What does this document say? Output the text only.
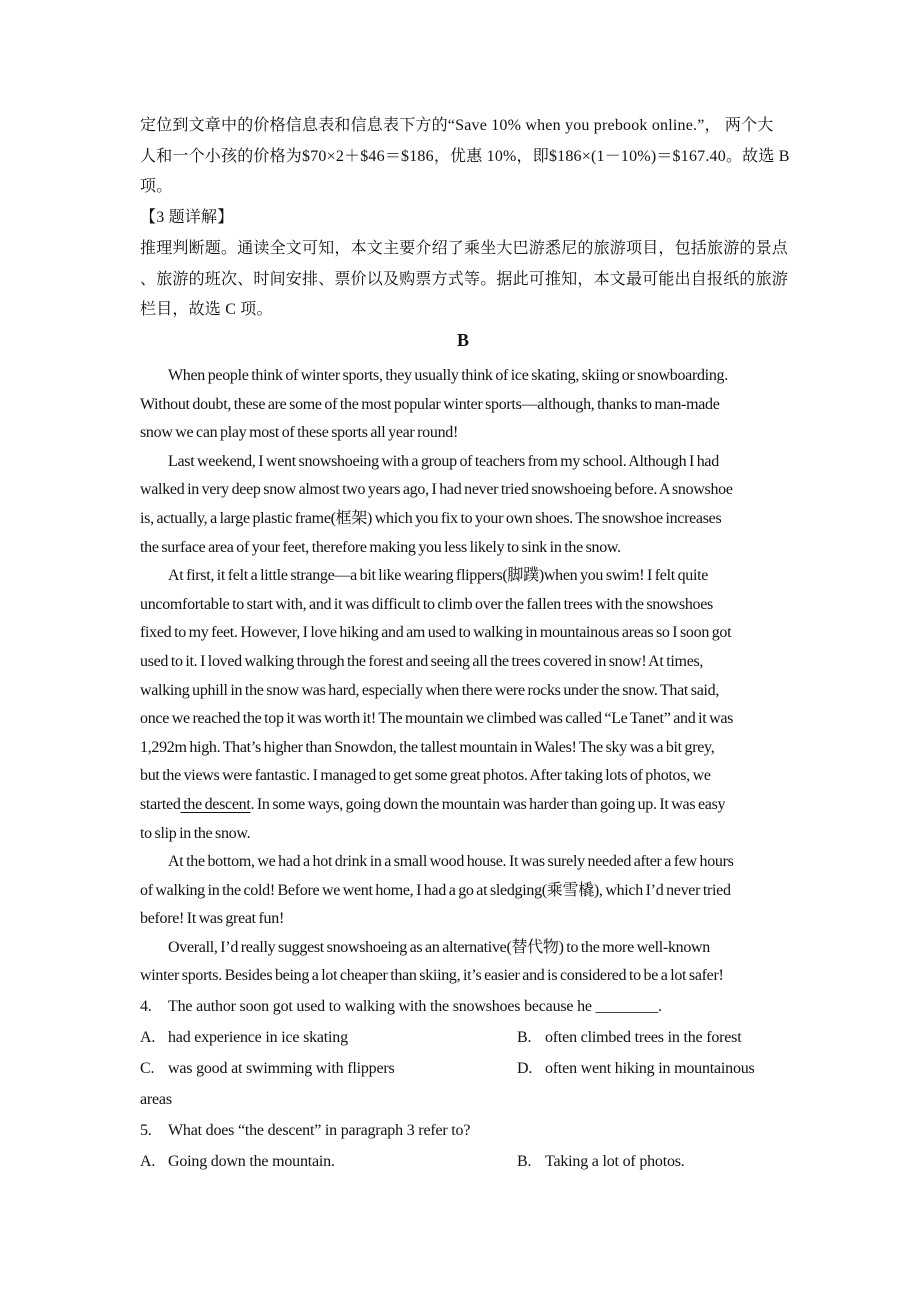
定位到文章中的价格信息表和信息表下方的“Save 10% when you prebook online.”， 两个大
人和一个小孩的价格为$70×2＋$46＝$186，优惠 10%，即$186×(1－10%)＝$167.40。故选 B
项。
【3 题详解】
推理判断题。通读全文可知，本文主要介绍了乘坐大巴游悉尼的旅游项目，包括旅游的景点
、旅游的班次、时间安排、票价以及购票方式等。据此可推知，本文最可能出自报纸的旅游
栏目，故选 C 项。
B
When people think of winter sports, they usually think of ice skating, skiing or snowboarding.
Without doubt, these are some of the most popular winter sports—although, thanks to man-made
snow we can play most of these sports all year round!
Last weekend, I went snowshoeing with a group of teachers from my school. Although I had
walked in very deep snow almost two years ago, I had never tried snowshoeing before. A snowshoe
is, actually, a large plastic frame(框架) which you fix to your own shoes. The snowshoe increases
the surface area of your feet, therefore making you less likely to sink in the snow.
At first, it felt a little strange—a bit like wearing flippers(脚蹼)when you swim! I felt quite
uncomfortable to start with, and it was difficult to climb over the fallen trees with the snowshoes
fixed to my feet. However, I love hiking and am used to walking in mountainous areas so I soon got
used to it. I loved walking through the forest and seeing all the trees covered in snow! At times,
walking uphill in the snow was hard, especially when there were rocks under the snow. That said,
once we reached the top it was worth it! The mountain we climbed was called “Le Tanet” and it was
1,292m high. That’s higher than Snowdon, the tallest mountain in Wales! The sky was a bit grey,
but the views were fantastic. I managed to get some great photos. After taking lots of photos, we
started the descent. In some ways, going down the mountain was harder than going up. It was easy
to slip in the snow.
At the bottom, we had a hot drink in a small wood house. It was surely needed after a few hours
of walking in the cold! Before we went home, I had a go at sledging(乘雪橇), which I’d never tried
before! It was great fun!
Overall, I’d really suggest snowshoeing as an alternative(替代物) to the more well-known
winter sports. Besides being a lot cheaper than skiing, it’s easier and is considered to be a lot safer!
4. The author soon got used to walking with the snowshoes because he ________.
A. had experience in ice skating	B. often climbed trees in the forest
C. was good at swimming with flippers	D. often went hiking in mountainous
areas
5. What does “the descent” in paragraph 3 refer to?
A. Going down the mountain.	B. Taking a lot of photos.
